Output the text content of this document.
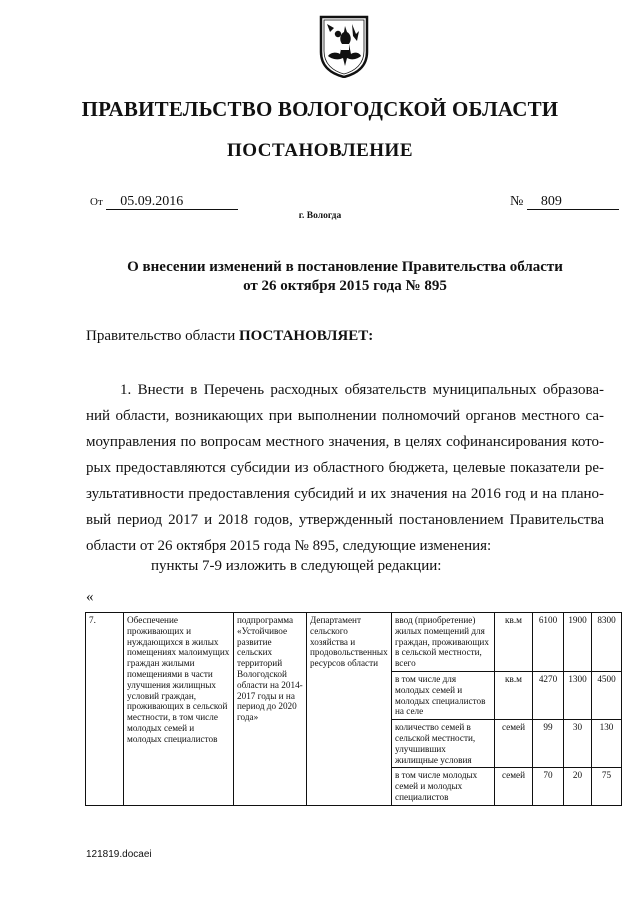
ПРАВИТЕЛЬСТВО ВОЛОГОДСКОЙ ОБЛАСТИ
ПОСТАНОВЛЕНИЕ
От 05.09.2016	№ 809
г. Вологда
О внесении изменений в постановление Правительства области
от 26 октября 2015 года № 895
Правительство области ПОСТАНОВЛЯЕТ:
1. Внести в Перечень расходных обязательств муниципальных образова-
ний области, возникающих при выполнении полномочий органов местного са-
моуправления по вопросам местного значения, в целях софинансирования кото-
рых предоставляются субсидии из областного бюджета, целевые показатели ре-
зультативности предоставления субсидий и их значения на 2016 год и на плано-
вый период 2017 и 2018 годов, утвержденный постановлением Правительства
области от 26 октября 2015 года № 895, следующие изменения:
пункты 7-9 изложить в следующей редакции:
«
7.	Обеспечение проживающих и нуждающихся в жилых помещениях малоимущих граждан жилыми помещениями в части улучшения жилищных условий граждан, проживающих в сельской местности, в том числе молодых семей и молодых специалистов	подпрограмма «Устойчивое развитие сельских территорий Вологодской области на 2014-2017 годы и на период до 2020 года»	Департамент сельского хозяйства и продовольственных ресурсов области	ввод (приобретение) жилых помещений для граждан, проживающих в сельской местности, всего	кв.м	6100	1900	8300
				в том числе для молодых семей и молодых специалистов на селе	кв.м	4270	1300	4500
				количество семей в сельской местности, улучшивших жилищные условия	семей	99	30	130
				в том числе молодых семей и молодых специалистов	семей	70	20	75
121819.docaei
